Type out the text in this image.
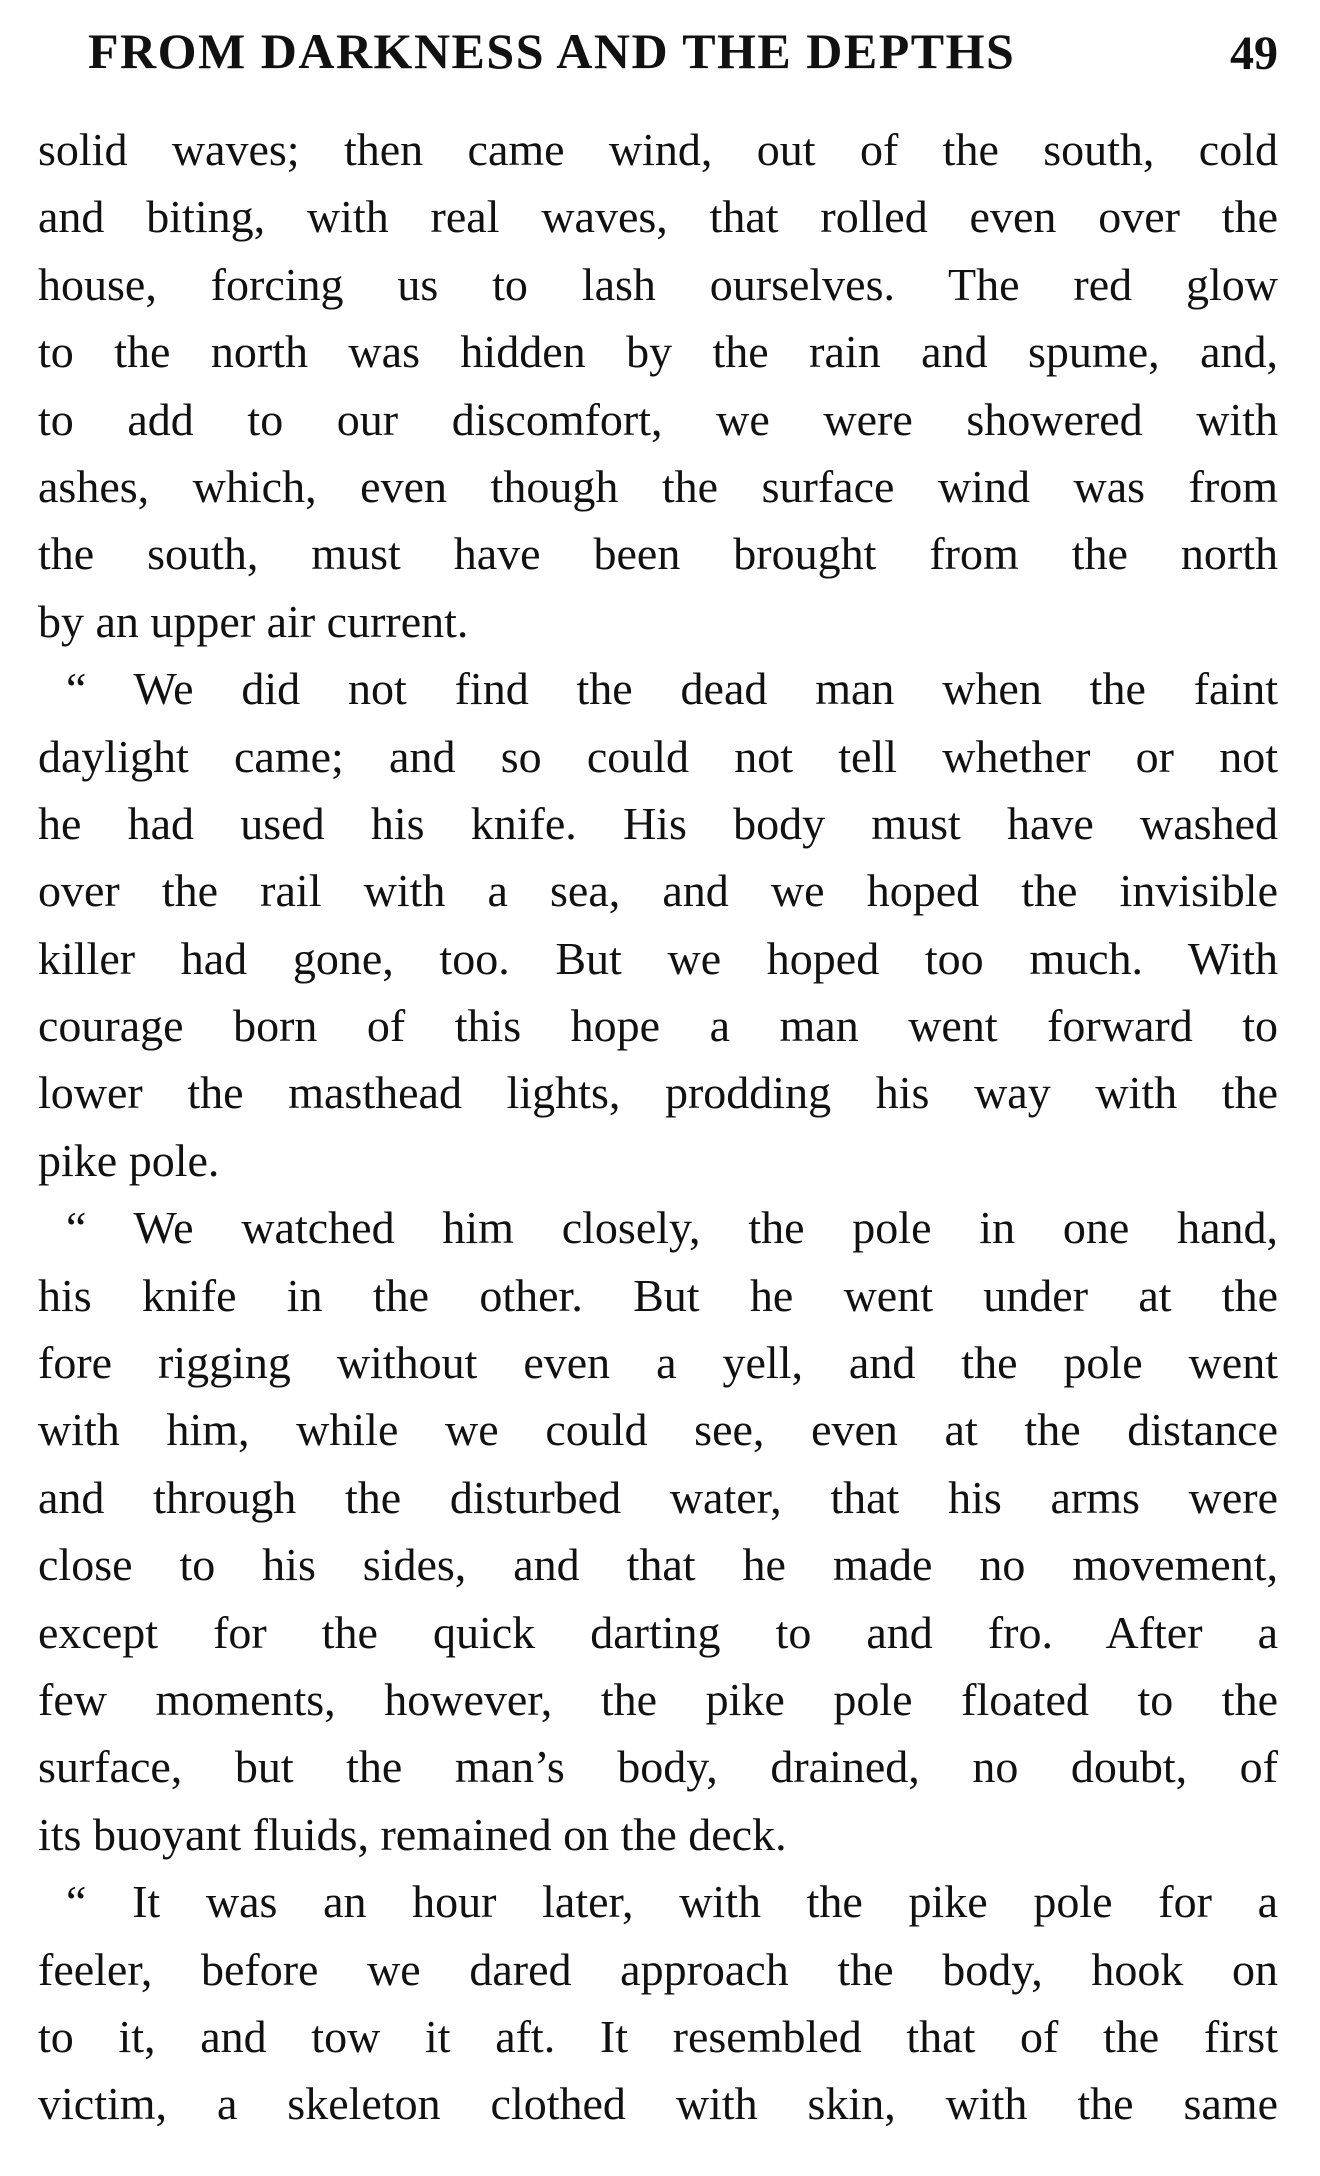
FROM DARKNESS AND THE DEPTHS	49
solid waves; then came wind, out of the south, cold
and biting, with real waves, that rolled even over the
house, forcing us to lash ourselves. The red glow
to the north was hidden by the rain and spume, and,
to add to our discomfort, we were showered with
ashes, which, even though the surface wind was from
the south, must have been brought from the north
by an upper air current.
“ We did not find the dead man when the faint
daylight came; and so could not tell whether or not
he had used his knife. His body must have washed
over the rail with a sea, and we hoped the invisible
killer had gone, too. But we hoped too much. With
courage born of this hope a man went forward to
lower the masthead lights, prodding his way with the
pike pole.
“ We watched him closely, the pole in one hand,
his knife in the other. But he went under at the
fore rigging without even a yell, and the pole went
with him, while we could see, even at the distance
and through the disturbed water, that his arms were
close to his sides, and that he made no movement,
except for the quick darting to and fro. After a
few moments, however, the pike pole floated to the
surface, but the man’s body, drained, no doubt, of
its buoyant fluids, remained on the deck.
“ It was an hour later, with the pike pole for a
feeler, before we dared approach the body, hook on
to it, and tow it aft. It resembled that of the first
victim, a skeleton clothed with skin, with the same
